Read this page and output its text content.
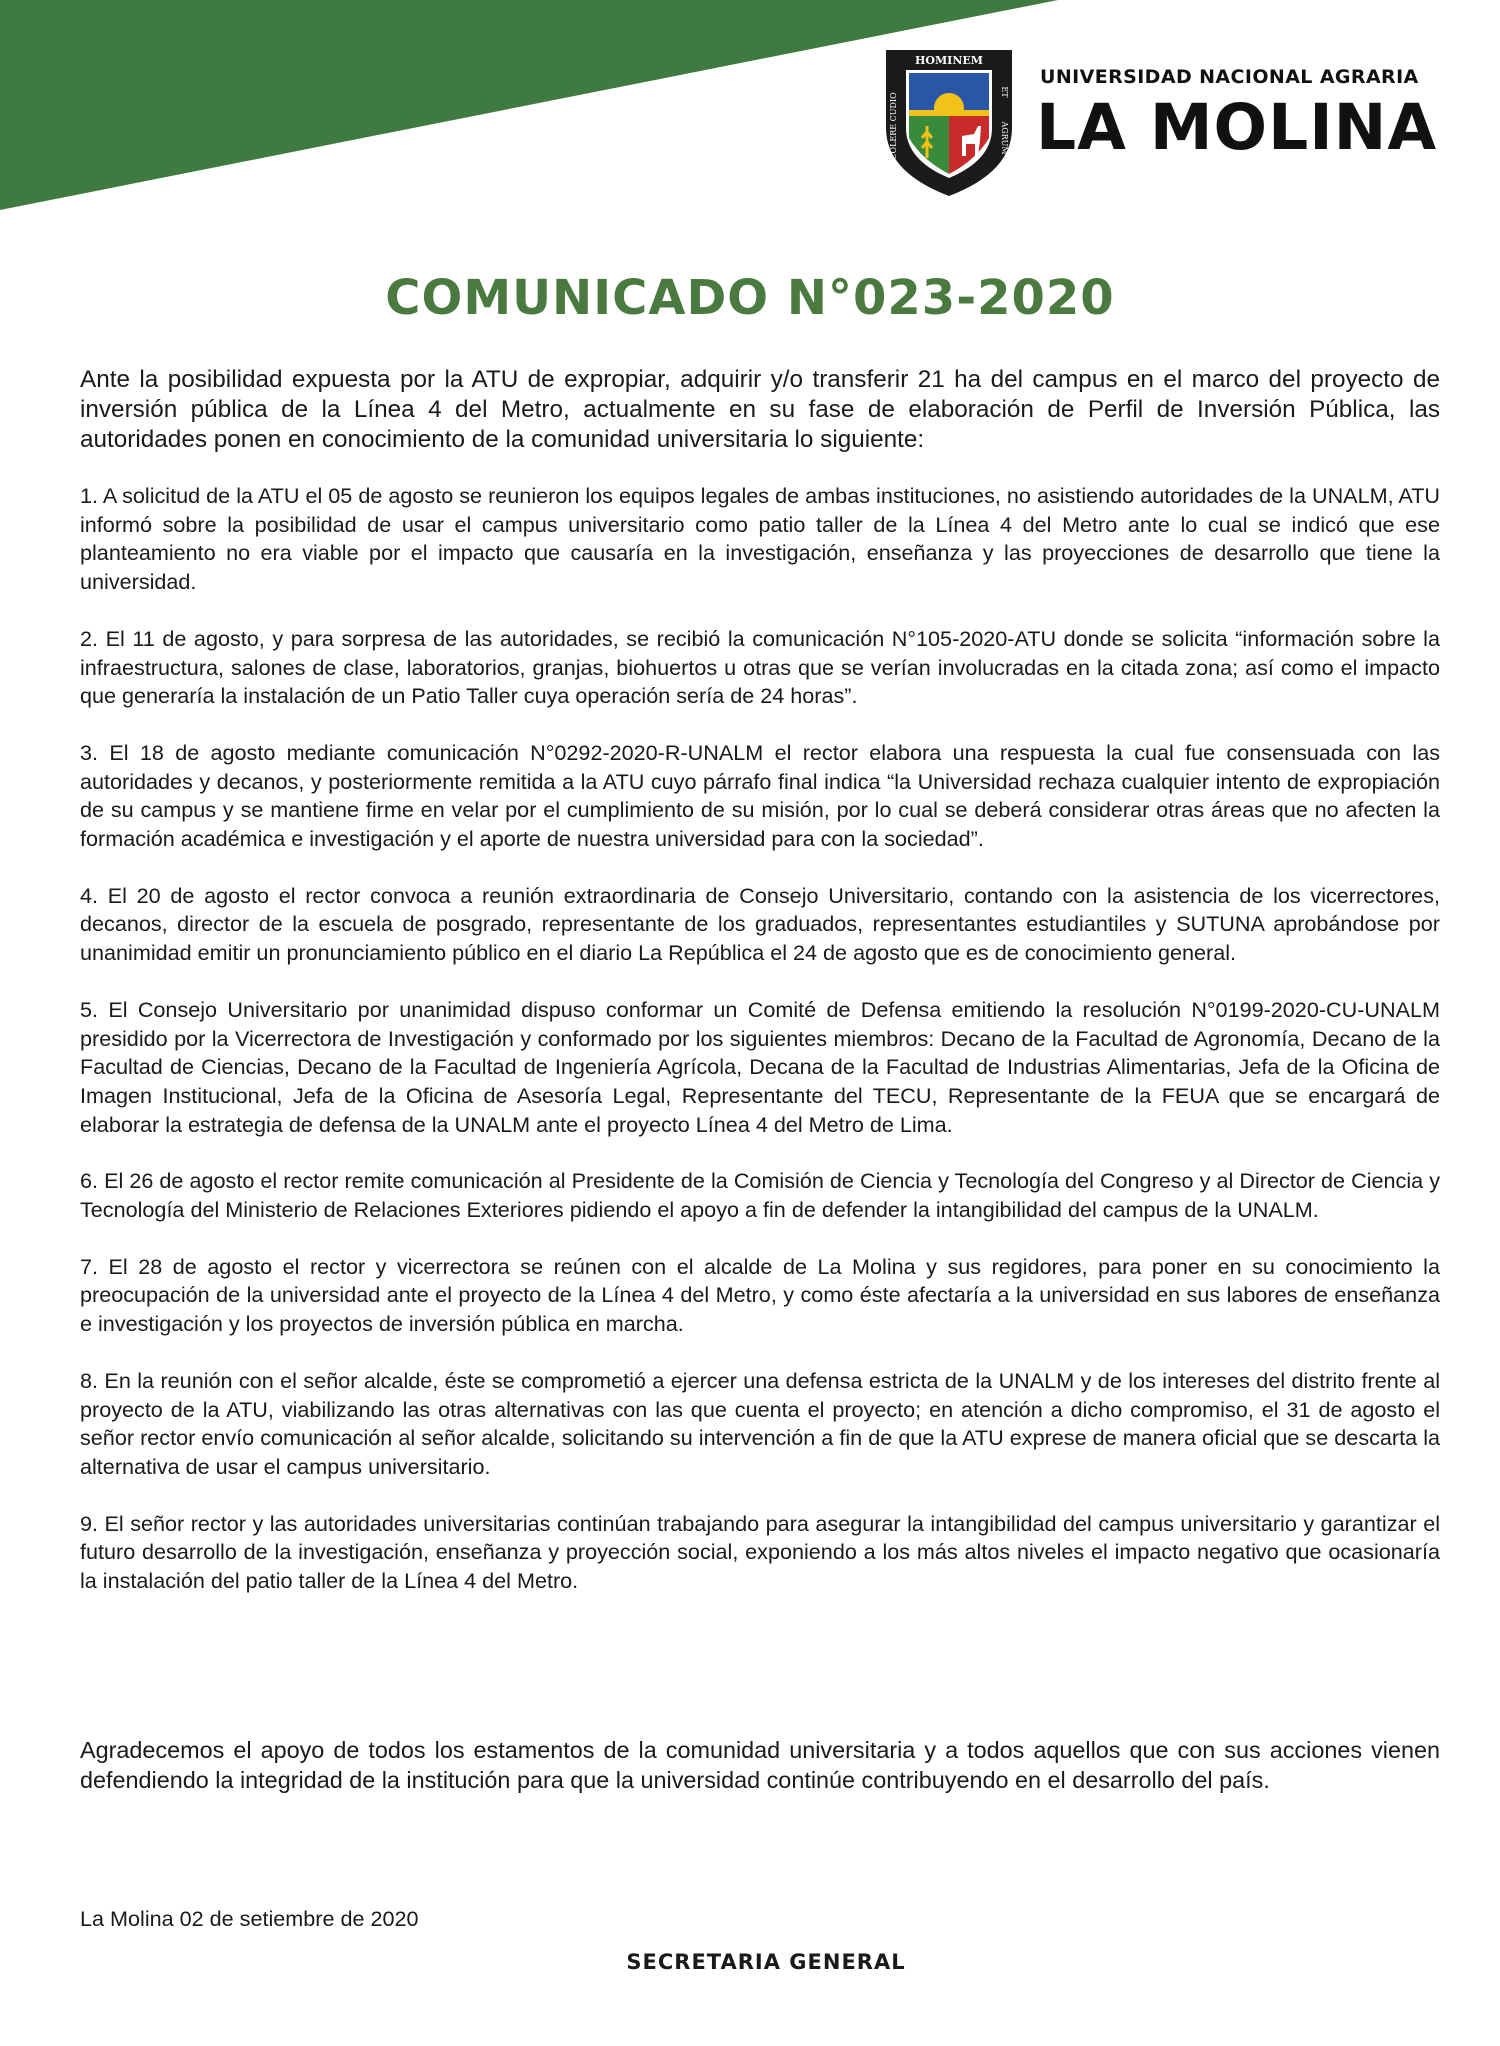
HOMINEM
COLERE CUDIO
ET
AGRUM
UNIVERSIDAD NACIONAL AGRARIA
LA MOLINA
COMUNICADO N°023-2020

Ante la posibilidad expuesta por la ATU de expropiar, adquirir y/o transferir 21 ha del campus en el marco del proyecto de inversión pública de la Línea 4 del Metro, actualmente en su fase de elaboración de Perfil de Inversión Pública, las autoridades ponen en conocimiento de la comunidad universitaria lo siguiente:

1. A solicitud de la ATU el 05 de agosto se reunieron los equipos legales de ambas instituciones, no asistiendo autoridades de la UNALM, ATU informó sobre la posibilidad de usar el campus universitario como patio taller de la Línea 4 del Metro ante lo cual se indicó que ese planteamiento no era viable por el impacto que causaría en la investigación, enseñanza y las proyecciones de desarrollo que tiene la universidad.

2. El 11 de agosto, y para sorpresa de las autoridades, se recibió la comunicación N°105-2020-ATU donde se solicita “información sobre la infraestructura, salones de clase, laboratorios, granjas, biohuertos u otras que se verían involucradas en la citada zona; así como el impacto que generaría la instalación de un Patio Taller cuya operación sería de 24 horas”.

3. El 18 de agosto mediante comunicación N°0292-2020-R-UNALM el rector elabora una respuesta la cual fue consensuada con las autoridades y decanos, y posteriormente remitida a la ATU cuyo párrafo final indica “la Universidad rechaza cualquier intento de expropiación de su campus y se mantiene firme en velar por el cumplimiento de su misión, por lo cual se deberá considerar otras áreas que no afecten la formación académica e investigación y el aporte de nuestra universidad para con la sociedad”.

4. El 20 de agosto el rector convoca a reunión extraordinaria de Consejo Universitario, contando con la asistencia de los vicerrectores, decanos, director de la escuela de posgrado, representante de los graduados, representantes estudiantiles y SUTUNA aprobándose por unanimidad emitir un pronunciamiento público en el diario La República el 24 de agosto que es de conocimiento general.

5. El Consejo Universitario por unanimidad dispuso conformar un Comité de Defensa emitiendo la resolución N°0199-2020-CU-UNALM presidido por la Vicerrectora de Investigación y conformado por los siguientes miembros: Decano de la Facultad de Agronomía, Decano de la Facultad de Ciencias, Decano de la Facultad de Ingeniería Agrícola, Decana de la Facultad de Industrias Alimentarias, Jefa de la Oficina de Imagen Institucional, Jefa de la Oficina de Asesoría Legal, Representante del TECU, Representante de la FEUA que se encargará de elaborar la estrategia de defensa de la UNALM ante el proyecto Línea 4 del Metro de Lima.

6. El 26 de agosto el rector remite comunicación al Presidente de la Comisión de Ciencia y Tecnología del Congreso y al Director de Ciencia y Tecnología del Ministerio de Relaciones Exteriores pidiendo el apoyo a fin de defender la intangibilidad del campus de la UNALM.

7. El 28 de agosto el rector y vicerrectora se reúnen con el alcalde de La Molina y sus regidores, para poner en su conocimiento la preocupación de la universidad ante el proyecto de la Línea 4 del Metro, y como éste afectaría a la universidad en sus labores de enseñanza e investigación y los proyectos de inversión pública en marcha.

8. En la reunión con el señor alcalde, éste se comprometió a ejercer una defensa estricta de la UNALM y de los intereses del distrito frente al proyecto de la ATU, viabilizando las otras alternativas con las que cuenta el proyecto; en atención a dicho compromiso, el 31 de agosto el señor rector envío comunicación al señor alcalde, solicitando su intervención a fin de que la ATU exprese de manera oficial que se descarta la alternativa de usar el campus universitario.

9. El señor rector y las autoridades universitarias continúan trabajando para asegurar la intangibilidad del campus universitario y garantizar el futuro desarrollo de la investigación, enseñanza y proyección social, exponiendo a los más altos niveles el impacto negativo que ocasionaría la instalación del patio taller de la Línea 4 del Metro.

Agradecemos el apoyo de todos los estamentos de la comunidad universitaria y a todos aquellos que con sus acciones vienen defendiendo la integridad de la institución para que la universidad continúe contribuyendo en el desarrollo del país.

La Molina 02 de setiembre de 2020
SECRETARIA GENERAL
